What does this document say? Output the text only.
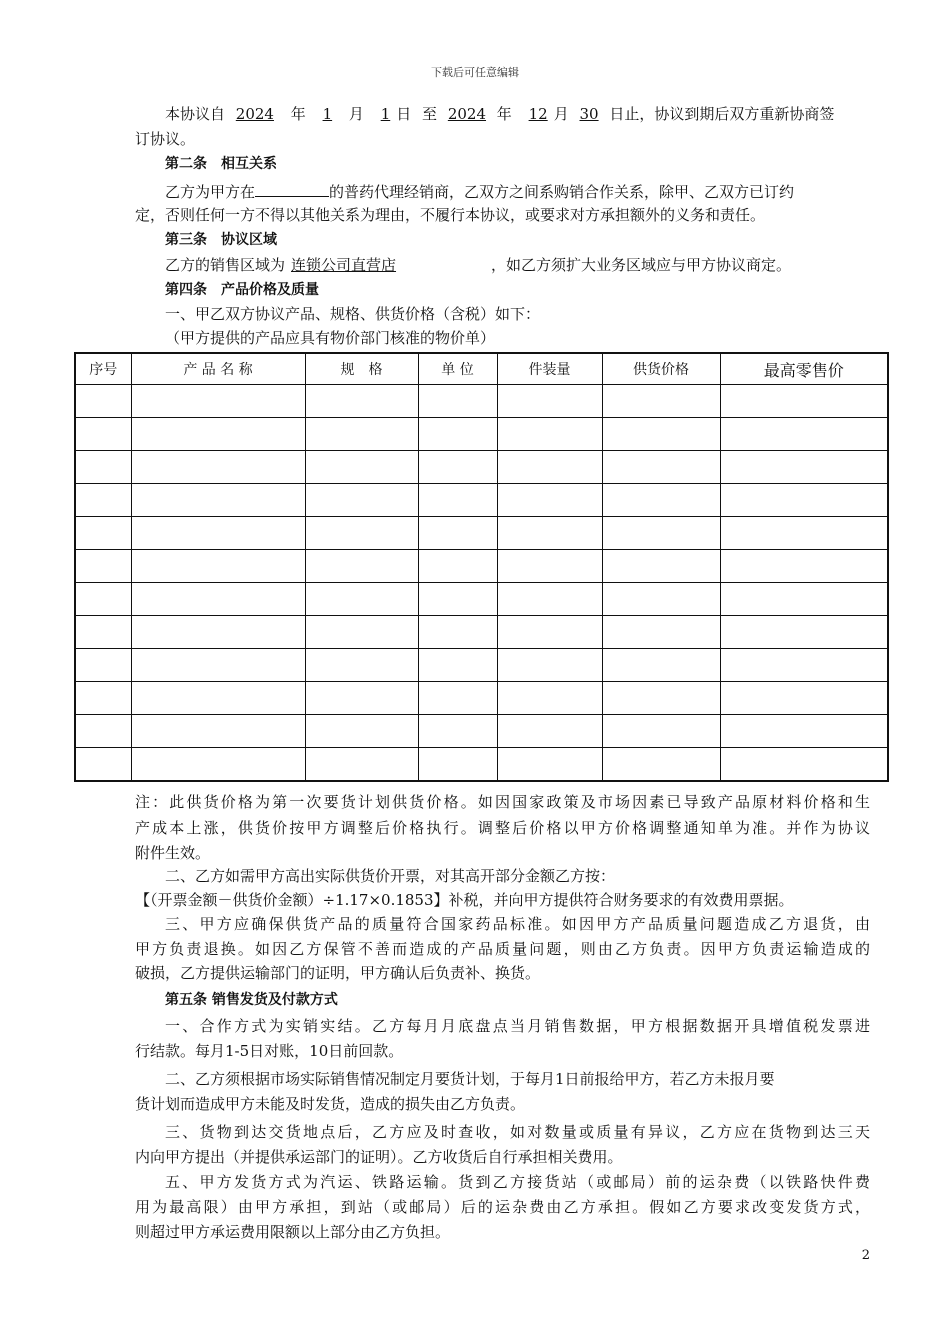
下载后可任意编辑
本协议自 2024 年 1 月 1 日 至 2024 年 12 月 30 日止，协议到期后双方重新协商签
订协议。
第二条　相互关系
乙方为甲方在	的普药代理经销商，乙双方之间系购销合作关系，除甲、乙双方已订约
定，否则任何一方不得以其他关系为理由，不履行本协议，或要求对方承担额外的义务和责任。
第三条　协议区域
乙方的销售区域为 连锁公司直营店	，如乙方须扩大业务区域应与甲方协议商定。
第四条　产品价格及质量
一、甲乙双方协议产品、规格、供货价格（含税）如下：
（甲方提供的产品应具有物价部门核准的物价单）
序号	产 品 名 称	规　格	单 位	件装量	供货价格	最高零售价

注：此供货价格为第一次要货计划供货价格。如因国家政策及市场因素已导致产品原材料价格和生
产成本上涨，供货价按甲方调整后价格执行。调整后价格以甲方价格调整通知单为准。并作为协议
附件生效。
二、乙方如需甲方高出实际供货价开票，对其高开部分金额乙方按：
【（开票金额－供货价金额）÷1.17×0.1853】补税，并向甲方提供符合财务要求的有效费用票据。
三、甲方应确保供货产品的质量符合国家药品标准。如因甲方产品质量问题造成乙方退货，由
甲方负责退换。如因乙方保管不善而造成的产品质量问题，则由乙方负责。因甲方负责运输造成的
破损，乙方提供运输部门的证明，甲方确认后负责补、换货。
第五条 销售发货及付款方式
一、合作方式为实销实结。乙方每月月底盘点当月销售数据，甲方根据数据开具增值税发票进
行结款。每月1-5日对账，10日前回款。
二、乙方须根据市场实际销售情况制定月要货计划，于每月1日前报给甲方，若乙方未报月要
货计划而造成甲方未能及时发货，造成的损失由乙方负责。
三、货物到达交货地点后，乙方应及时查收，如对数量或质量有异议，乙方应在货物到达三天
内向甲方提出（并提供承运部门的证明）。乙方收货后自行承担相关费用。
五、甲方发货方式为汽运、铁路运输。货到乙方接货站（或邮局）前的运杂费（以铁路快件费
用为最高限）由甲方承担，到站（或邮局）后的运杂费由乙方承担。假如乙方要求改变发货方式，
则超过甲方承运费用限额以上部分由乙方负担。
2
